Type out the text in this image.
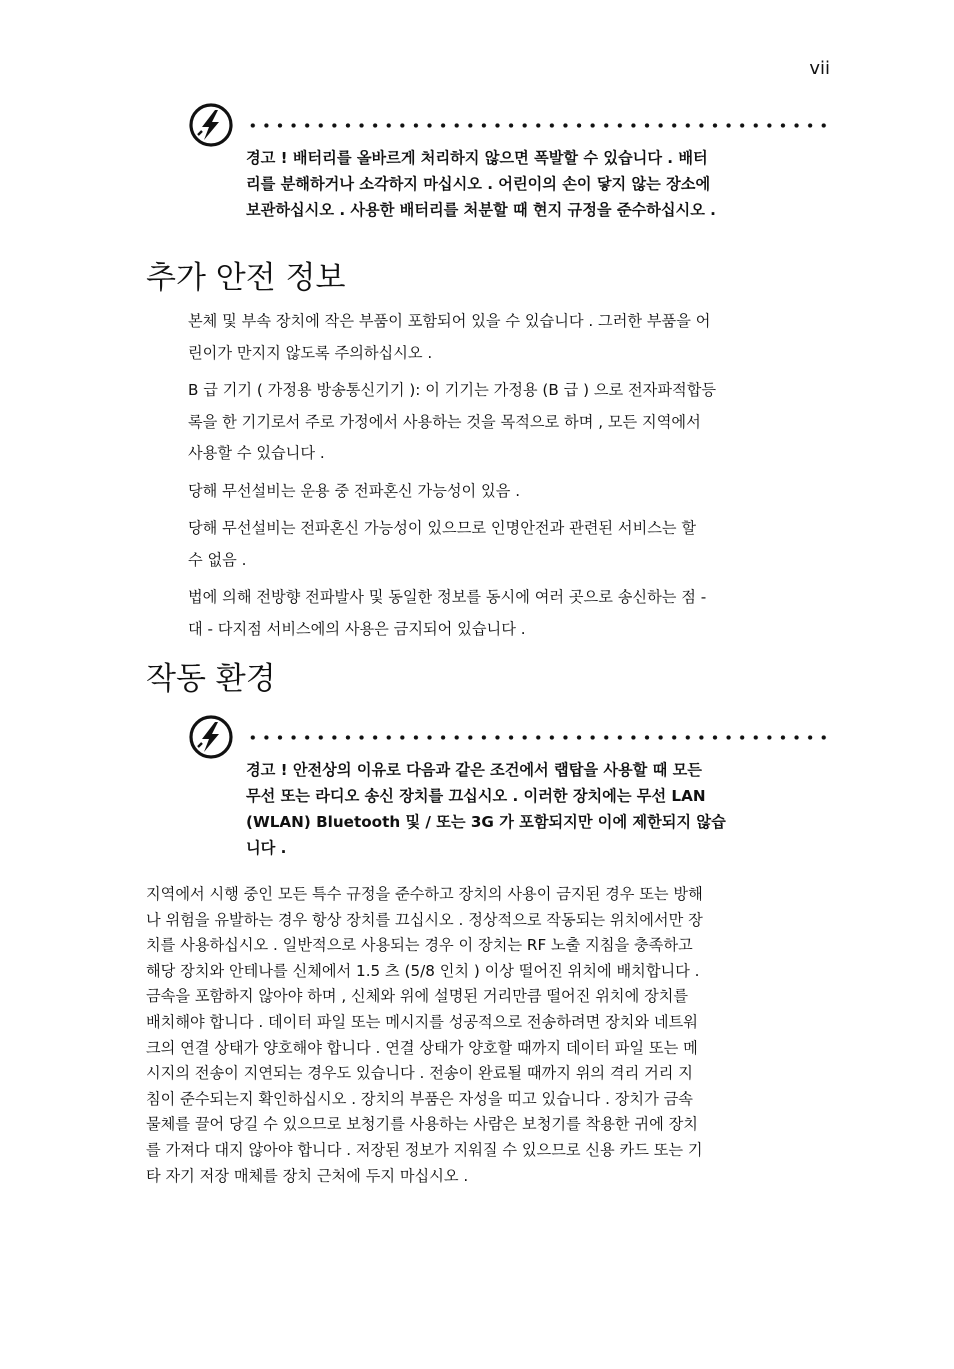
vii

경고 ! 배터리를 올바르게 처리하지 않으면 폭발할 수 있습니다 . 배터
리를 분해하거나 소각하지 마십시오 . 어린이의 손이 닿지 않는 장소에
보관하십시오 . 사용한 배터리를 처분할 때 현지 규정을 준수하십시오 .

추가 안전 정보

본체 및 부속 장치에 작은 부품이 포함되어 있을 수 있습니다 . 그러한 부품을 어
린이가 만지지 않도록 주의하십시오 .

B 급 기기 ( 가정용 방송통신기기 ): 이 기기는 가정용 (B 급 ) 으로 전자파적합등
록을 한 기기로서 주로 가정에서 사용하는 것을 목적으로 하며 , 모든 지역에서
사용할 수 있습니다 .

당해 무선설비는 운용 중 전파혼신 가능성이 있음 .

당해 무선설비는 전파혼신 가능성이 있으므로 인명안전과 관련된 서비스는 할
수 없음 .

법에 의해 전방향 전파발사 및 동일한 정보를 동시에 여러 곳으로 송신하는 점 -
대 - 다지점 서비스에의 사용은 금지되어 있습니다 .

작동 환경

경고 ! 안전상의 이유로 다음과 같은 조건에서 랩탑을 사용할 때 모든
무선 또는 라디오 송신 장치를 끄십시오 . 이러한 장치에는 무선 LAN
(WLAN) Bluetooth 및 / 또는 3G 가 포함되지만 이에 제한되지 않습
니다 .

지역에서 시행 중인 모든 특수 규정을 준수하고 장치의 사용이 금지된 경우 또는 방해
나 위험을 유발하는 경우 항상 장치를 끄십시오 . 정상적으로 작동되는 위치에서만 장
치를 사용하십시오 . 일반적으로 사용되는 경우 이 장치는 RF 노출 지침을 충족하고
해당 장치와 안테나를 신체에서 1.5 츠 (5/8 인치 ) 이상 떨어진 위치에 배치합니다 .
금속을 포함하지 않아야 하며 , 신체와 위에 설명된 거리만큼 떨어진 위치에 장치를
배치해야 합니다 . 데이터 파일 또는 메시지를 성공적으로 전송하려면 장치와 네트워
크의 연결 상태가 양호해야 합니다 . 연결 상태가 양호할 때까지 데이터 파일 또는 메
시지의 전송이 지연되는 경우도 있습니다 . 전송이 완료될 때까지 위의 격리 거리 지
침이 준수되는지 확인하십시오 . 장치의 부품은 자성을 띠고 있습니다 . 장치가 금속
물체를 끌어 당길 수 있으므로 보청기를 사용하는 사람은 보청기를 착용한 귀에 장치
를 가져다 대지 않아야 합니다 . 저장된 정보가 지워질 수 있으므로 신용 카드 또는 기
타 자기 저장 매체를 장치 근처에 두지 마십시오 .
